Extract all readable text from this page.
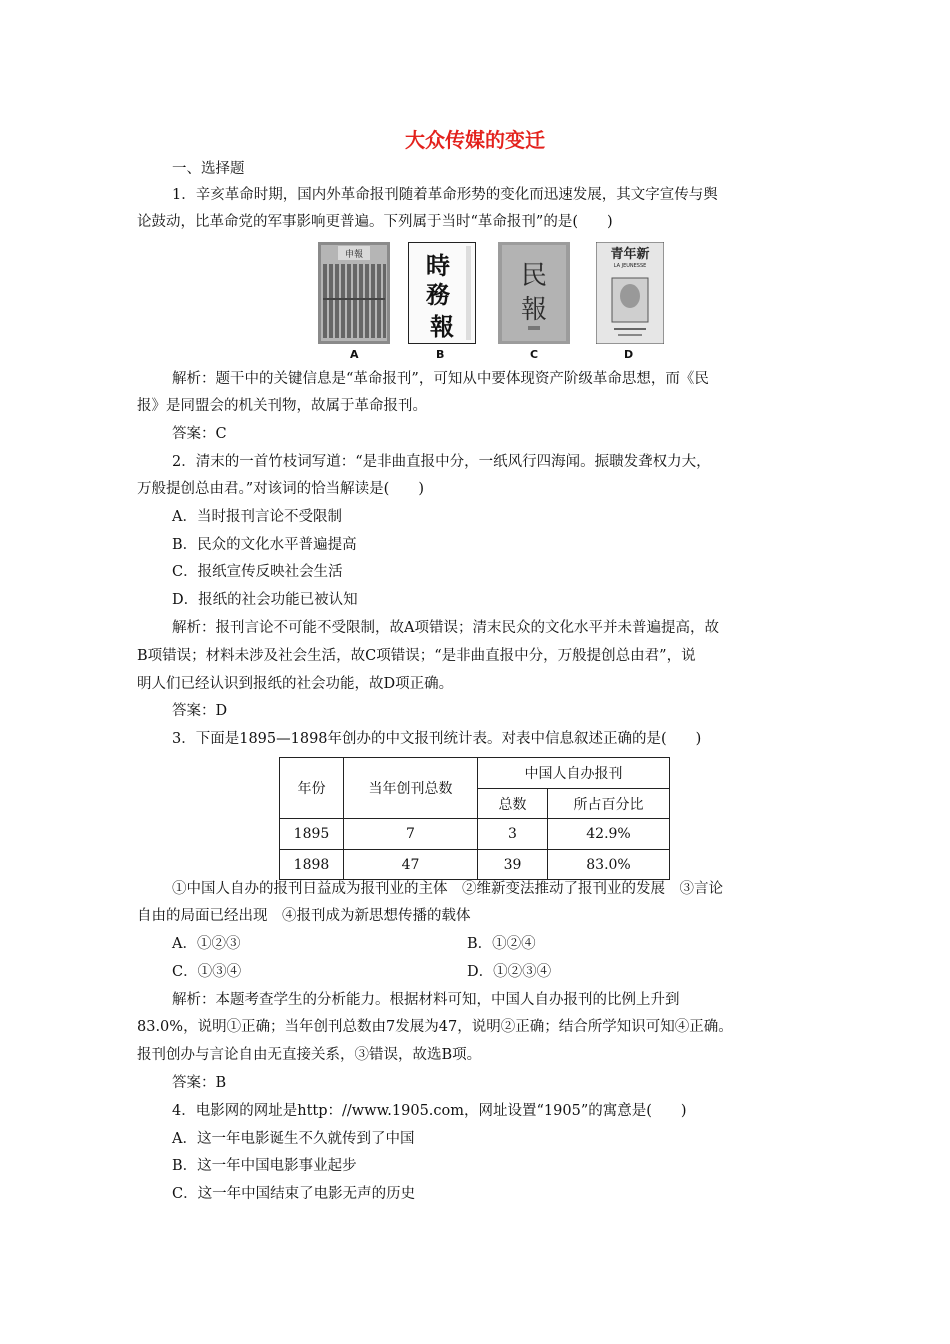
大众传媒的变迁
一、选择题
1．辛亥革命时期，国内外革命报刊随着革命形势的变化而迅速发展，其文字宣传与舆
论鼓动，比革命党的军事影响更普遍。下列属于当时“革命报刊”的是(　　)
申報
A
時
務
報
B
民
報
C
青年新
LA JEUNESSE
D
解析：题干中的关键信息是“革命报刊”，可知从中要体现资产阶级革命思想，而《民
报》是同盟会的机关刊物，故属于革命报刊。
答案：C
2．清末的一首竹枝词写道：“是非曲直报中分，一纸风行四海闻。振聩发聋权力大，
万般提创总由君。”对该词的恰当解读是(　　)
A．当时报刊言论不受限制
B．民众的文化水平普遍提高
C．报纸宣传反映社会生活
D．报纸的社会功能已被认知
解析：报刊言论不可能不受限制，故A项错误；清末民众的文化水平并未普遍提高，故
B项错误；材料未涉及社会生活，故C项错误；“是非曲直报中分，万般提创总由君”，说
明人们已经认识到报纸的社会功能，故D项正确。
答案：D
3．下面是1895—1898年创办的中文报刊统计表。对表中信息叙述正确的是(　　)
年份	当年创刊总数	中国人自办报刊	
		总数	所占百分比
1895	7	3	42.9%
1898	47	39	83.0%
①中国人自办的报刊日益成为报刊业的主体　②维新变法推动了报刊业的发展　③言论
自由的局面已经出现　④报刊成为新思想传播的载体
A．①②③	B．①②④
C．①③④	D．①②③④
解析：本题考查学生的分析能力。根据材料可知，中国人自办报刊的比例上升到
83.0%，说明①正确；当年创刊总数由7发展为47，说明②正确；结合所学知识可知④正确。
报刊创办与言论自由无直接关系，③错误，故选B项。
答案：B
4．电影网的网址是http：//www.1905.com，网址设置“1905”的寓意是(　　)
A．这一年电影诞生不久就传到了中国
B．这一年中国电影事业起步
C．这一年中国结束了电影无声的历史
